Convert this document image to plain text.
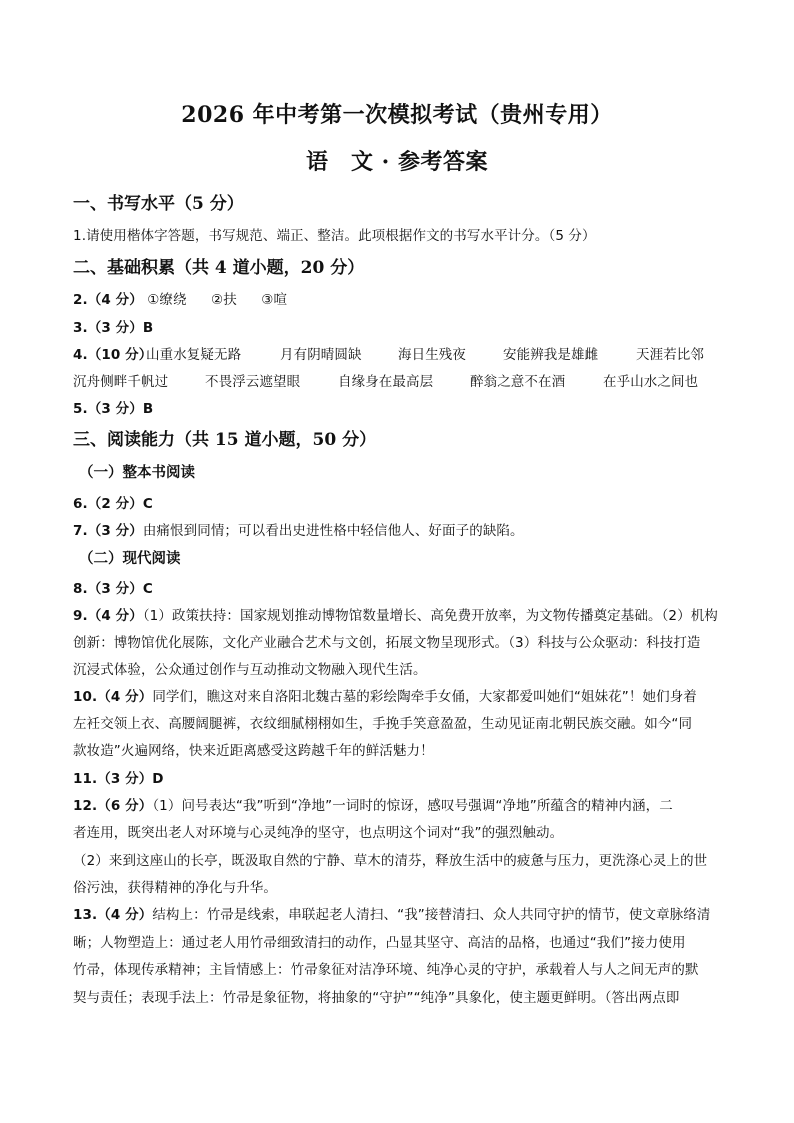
2026 年中考第一次模拟考试（贵州专用）
语　文 · 参考答案
一、书写水平（5 分）
1.请使用楷体字答题，书写规范、端正、整洁。此项根据作文的书写水平计分。（5 分）
二、基础积累（共 4 道小题，20 分）
2.（4 分） ①缭绕 ②扶 ③喧
3.（3 分）B
4.（10 分）
山重水复疑无路	月有阴晴圆缺	海日生残夜	安能辨我是雄雌	天涯若比邻
沉舟侧畔千帆过	不畏浮云遮望眼	自缘身在最高层	醉翁之意不在酒	在乎山水之间也
5.（3 分）B
三、阅读能力（共 15 道小题，50 分）
（一）整本书阅读
6.（2 分）C
7.（3 分）由痛恨到同情；可以看出史进性格中轻信他人、好面子的缺陷。
（二）现代阅读
8.（3 分）C
9.（4 分）（1）政策扶持：国家规划推动博物馆数量增长、高免费开放率，为文物传播奠定基础。（2）机构
创新：博物馆优化展陈，文化产业融合艺术与文创，拓展文物呈现形式。（3）科技与公众驱动：科技打造
沉浸式体验，公众通过创作与互动推动文物融入现代生活。
10.（4 分）同学们，瞧这对来自洛阳北魏古墓的彩绘陶牵手女俑，大家都爱叫她们“姐妹花”！她们身着
左衽交领上衣、高腰阔腿裤，衣纹细腻栩栩如生，手挽手笑意盈盈，生动见证南北朝民族交融。如今“同
款妆造”火遍网络，快来近距离感受这跨越千年的鲜活魅力！
11.（3 分）D
12.（6 分）（1）问号表达“我”听到“净地”一词时的惊讶，感叹号强调“净地”所蕴含的精神内涵，二
者连用，既突出老人对环境与心灵纯净的坚守，也点明这个词对“我”的强烈触动。
（2）来到这座山的长亭，既汲取自然的宁静、草木的清芬，释放生活中的疲惫与压力，更洗涤心灵上的世
俗污浊，获得精神的净化与升华。
13.（4 分）结构上：竹帚是线索，串联起老人清扫、“我”接替清扫、众人共同守护的情节，使文章脉络清
晰；人物塑造上：通过老人用竹帚细致清扫的动作，凸显其坚守、高洁的品格，也通过“我们”接力使用
竹帚，体现传承精神；主旨情感上：竹帚象征对洁净环境、纯净心灵的守护，承载着人与人之间无声的默
契与责任；表现手法上：竹帚是象征物，将抽象的“守护”“纯净”具象化，使主题更鲜明。（答出两点即
